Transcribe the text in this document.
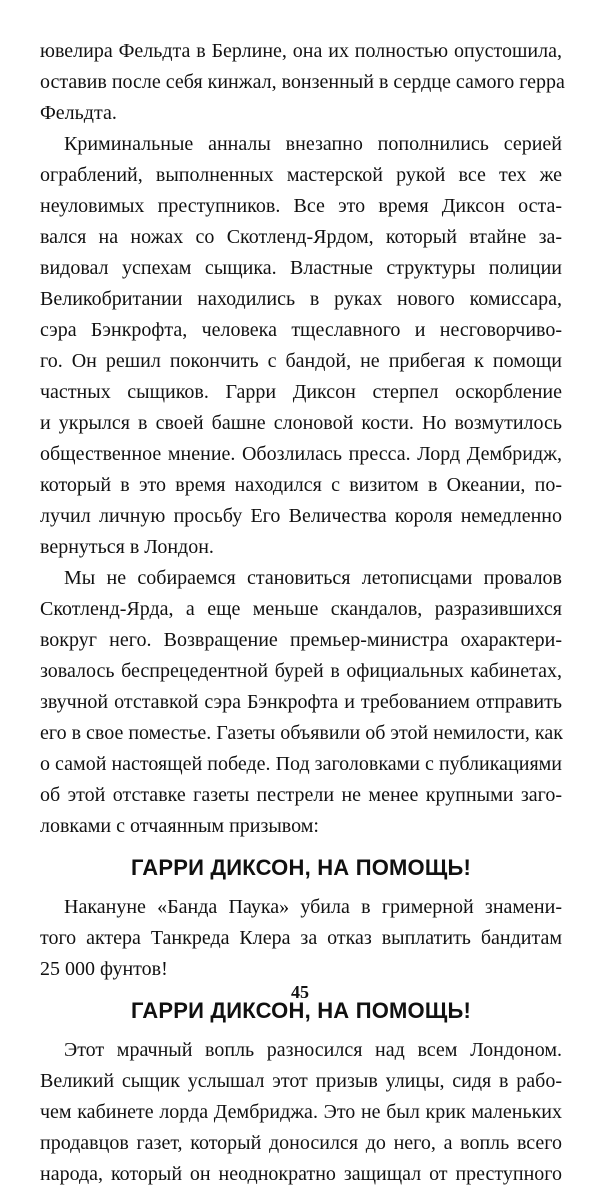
ювелира Фельдта в Берлине, она их полностью опустошила,
оставив после себя кинжал, вонзенный в сердце самого герра
Фельдта.

Криминальные анналы внезапно пополнились серией
ограблений, выполненных мастерской рукой все тех же
неуловимых преступников. Все это время Диксон оста-
вался на ножах со Скотленд-Ярдом, который втайне за-
видовал успехам сыщика. Властные структуры полиции
Великобритании находились в руках нового комиссара,
сэра Бэнкрофта, человека тщеславного и несговорчиво-
го. Он решил покончить с бандой, не прибегая к помощи
частных сыщиков. Гарри Диксон стерпел оскорбление
и укрылся в своей башне слоновой кости. Но возмутилось
общественное мнение. Обозлилась пресса. Лорд Дембридж,
который в это время находился с визитом в Океании, по-
лучил личную просьбу Его Величества короля немедленно
вернуться в Лондон.

Мы не собираемся становиться летописцами провалов
Скотленд-Ярда, а еще меньше скандалов, разразившихся
вокруг него. Возвращение премьер-министра охарактери-
зовалось беспрецедентной бурей в официальных кабинетах,
звучной отставкой сэра Бэнкрофта и требованием отправить
его в свое поместье. Газеты объявили об этой немилости, как
о самой настоящей победе. Под заголовками с публикациями
об этой отставке газеты пестрели не менее крупными заго-
ловками с отчаянным призывом:

ГАРРИ ДИКСОН, НА ПОМОЩЬ!

Накануне «Банда Паука» убила в гримерной знамени-
того актера Танкреда Клера за отказ выплатить бандитам
25 000 фунтов!

ГАРРИ ДИКСОН, НА ПОМОЩЬ!

Этот мрачный вопль разносился над всем Лондоном.
Великий сыщик услышал этот призыв улицы, сидя в рабо-
чем кабинете лорда Дембриджа. Это не был крик маленьких
продавцов газет, который доносился до него, а вопль всего
народа, который он неоднократно защищал от преступного

45
